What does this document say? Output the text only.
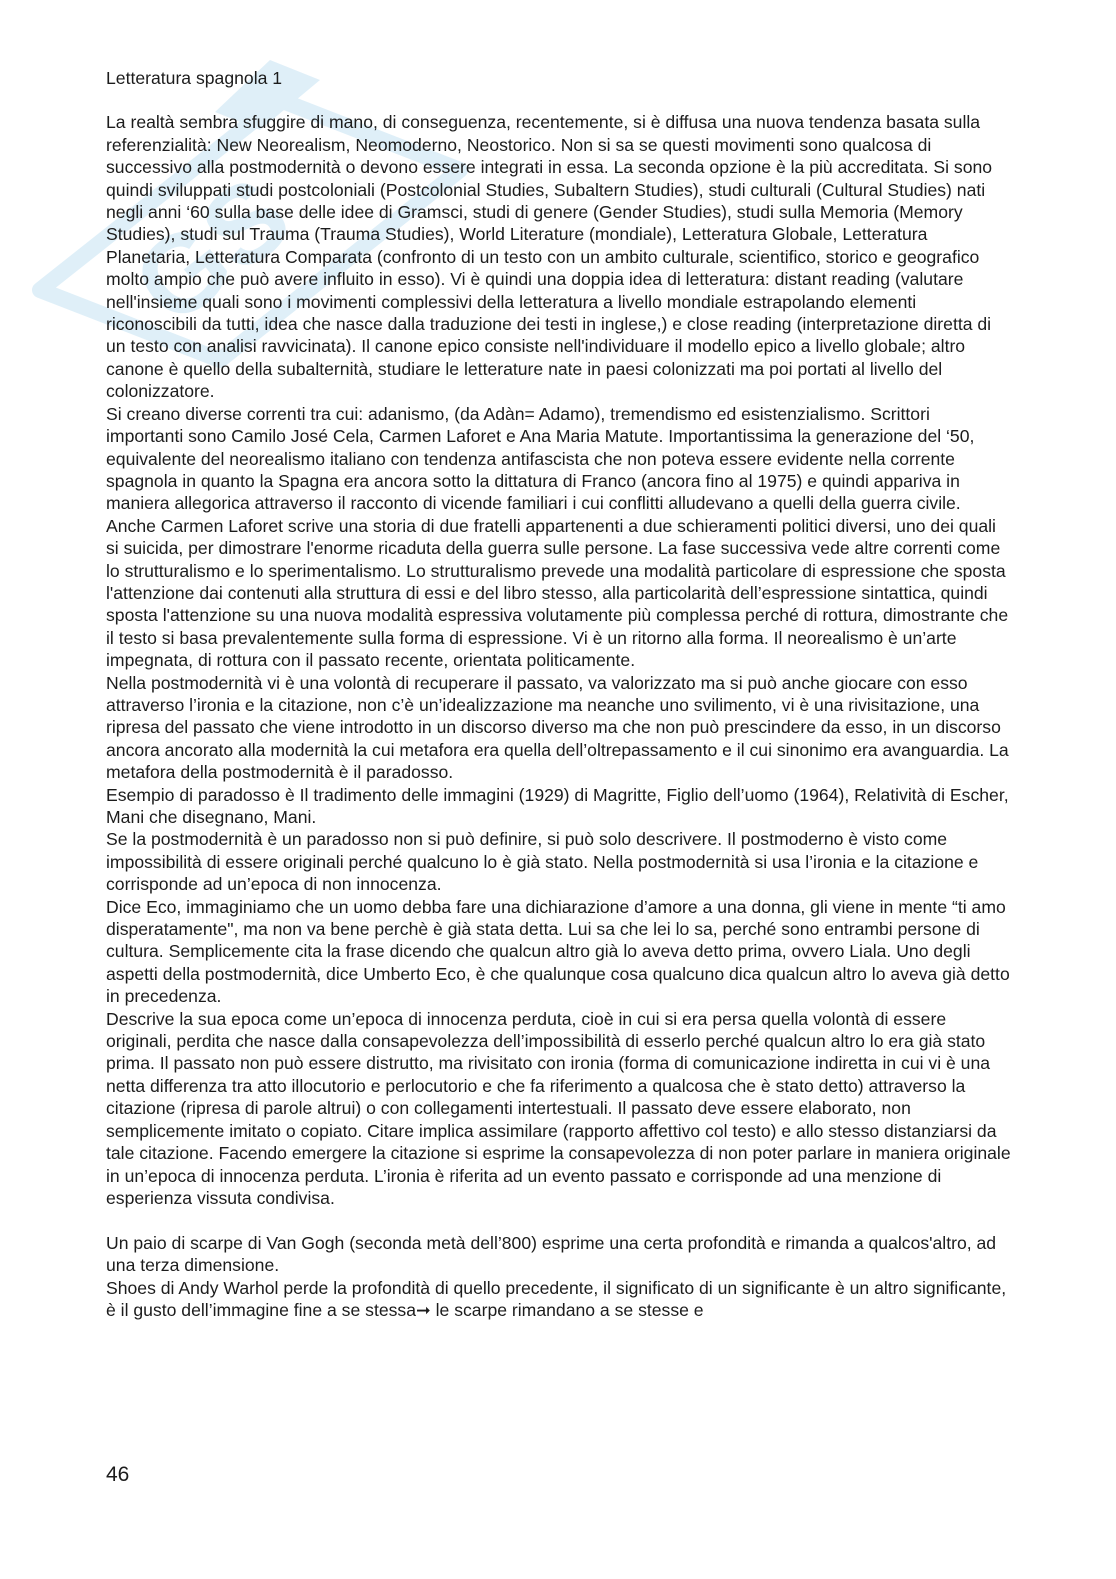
GS

Letteratura spagnola 1

La realtà sembra sfuggire di mano, di conseguenza, recentemente, si è diffusa una nuova tendenza basata sulla referenzialità: New Neorealism, Neomoderno, Neostorico. Non si sa se questi movimenti sono qualcosa di successivo alla postmodernità o devono essere integrati in essa. La seconda opzione è la più accreditata. Si sono quindi sviluppati studi postcoloniali (Postcolonial Studies, Subaltern Studies), studi culturali (Cultural Studies) nati negli anni ‘60 sulla base delle idee di Gramsci, studi di genere (Gender Studies), studi sulla Memoria (Memory Studies), studi sul Trauma (Trauma Studies), World Literature (mondiale), Letteratura Globale, Letteratura Planetaria, Letteratura Comparata (confronto di un testo con un ambito culturale, scientifico, storico e geografico molto ampio che può avere influito in esso). Vi è quindi una doppia idea di letteratura: distant reading (valutare nell'insieme quali sono i movimenti complessivi della letteratura a livello mondiale estrapolando elementi riconoscibili da tutti, idea che nasce dalla traduzione dei testi in inglese,) e close reading (interpretazione diretta di un testo con analisi ravvicinata). Il canone epico consiste nell'individuare il modello epico a livello globale; altro canone è quello della subalternità, studiare le letterature nate in paesi colonizzati ma poi portati al livello del colonizzatore.

Si creano diverse correnti tra cui: adanismo, (da Adàn= Adamo), tremendismo ed esistenzialismo. Scrittori importanti sono Camilo José Cela, Carmen Laforet e Ana Maria Matute. Importantissima la generazione del ‘50, equivalente del neorealismo italiano con tendenza antifascista che non poteva essere evidente nella corrente spagnola in quanto la Spagna era ancora sotto la dittatura di Franco (ancora fino al 1975) e quindi appariva in maniera allegorica attraverso il racconto di vicende familiari i cui conflitti alludevano a quelli della guerra civile. Anche Carmen Laforet scrive una storia di due fratelli appartenenti a due schieramenti politici diversi, uno dei quali si suicida, per dimostrare l'enorme ricaduta della guerra sulle persone. La fase successiva vede altre correnti come lo strutturalismo e lo sperimentalismo. Lo strutturalismo prevede una modalità particolare di espressione che sposta l'attenzione dai contenuti alla struttura di essi e del libro stesso, alla particolarità dell’espressione sintattica, quindi sposta l'attenzione su una nuova modalità espressiva volutamente più complessa perché di rottura, dimostrante che il testo si basa prevalentemente sulla forma di espressione. Vi è un ritorno alla forma. Il neorealismo è un’arte impegnata, di rottura con il passato recente, orientata politicamente.

Nella postmodernità vi è una volontà di recuperare il passato, va valorizzato ma si può anche giocare con esso attraverso l’ironia e la citazione, non c’è un’idealizzazione ma neanche uno svilimento, vi è una rivisitazione, una ripresa del passato che viene introdotto in un discorso diverso ma che non può prescindere da esso, in un discorso ancora ancorato alla modernità la cui metafora era quella dell’oltrepassamento e il cui sinonimo era avanguardia. La metafora della postmodernità è il paradosso.

Esempio di paradosso è Il tradimento delle immagini (1929) di Magritte, Figlio dell’uomo (1964), Relatività di Escher, Mani che disegnano, Mani.

Se la postmodernità è un paradosso non si può definire, si può solo descrivere. Il postmoderno è visto come impossibilità di essere originali perché qualcuno lo è già stato. Nella postmodernità si usa l’ironia e la citazione e corrisponde ad un’epoca di non innocenza.

Dice Eco, immaginiamo che un uomo debba fare una dichiarazione d’amore a una donna, gli viene in mente “ti amo disperatamente", ma non va bene perchè è già stata detta. Lui sa che lei lo sa, perché sono entrambi persone di cultura. Semplicemente cita la frase dicendo che qualcun altro già lo aveva detto prima, ovvero Liala. Uno degli aspetti della postmodernità, dice Umberto Eco, è che qualunque cosa qualcuno dica qualcun altro lo aveva già detto in precedenza.

Descrive la sua epoca come un’epoca di innocenza perduta, cioè in cui si era persa quella volontà di essere originali, perdita che nasce dalla consapevolezza dell’impossibilità di esserlo perché qualcun altro lo era già stato prima. Il passato non può essere distrutto, ma rivisitato con ironia (forma di comunicazione indiretta in cui vi è una netta differenza tra atto illocutorio e perlocutorio e che fa riferimento a qualcosa che è stato detto) attraverso la citazione (ripresa di parole altrui) o con collegamenti intertestuali. Il passato deve essere elaborato, non semplicemente imitato o copiato. Citare implica assimilare (rapporto affettivo col testo) e allo stesso distanziarsi da tale citazione. Facendo emergere la citazione si esprime la consapevolezza di non poter parlare in maniera originale in un’epoca di innocenza perduta. L’ironia è riferita ad un evento passato e corrisponde ad una menzione di esperienza vissuta condivisa.

Un paio di scarpe di Van Gogh (seconda metà dell’800) esprime una certa profondità e rimanda a qualcos'altro, ad una terza dimensione.

Shoes di Andy Warhol perde la profondità di quello precedente, il significato di un significante è un altro significante, è il gusto dell’immagine fine a se stessa➞ le scarpe rimandano a se stesse e

46
